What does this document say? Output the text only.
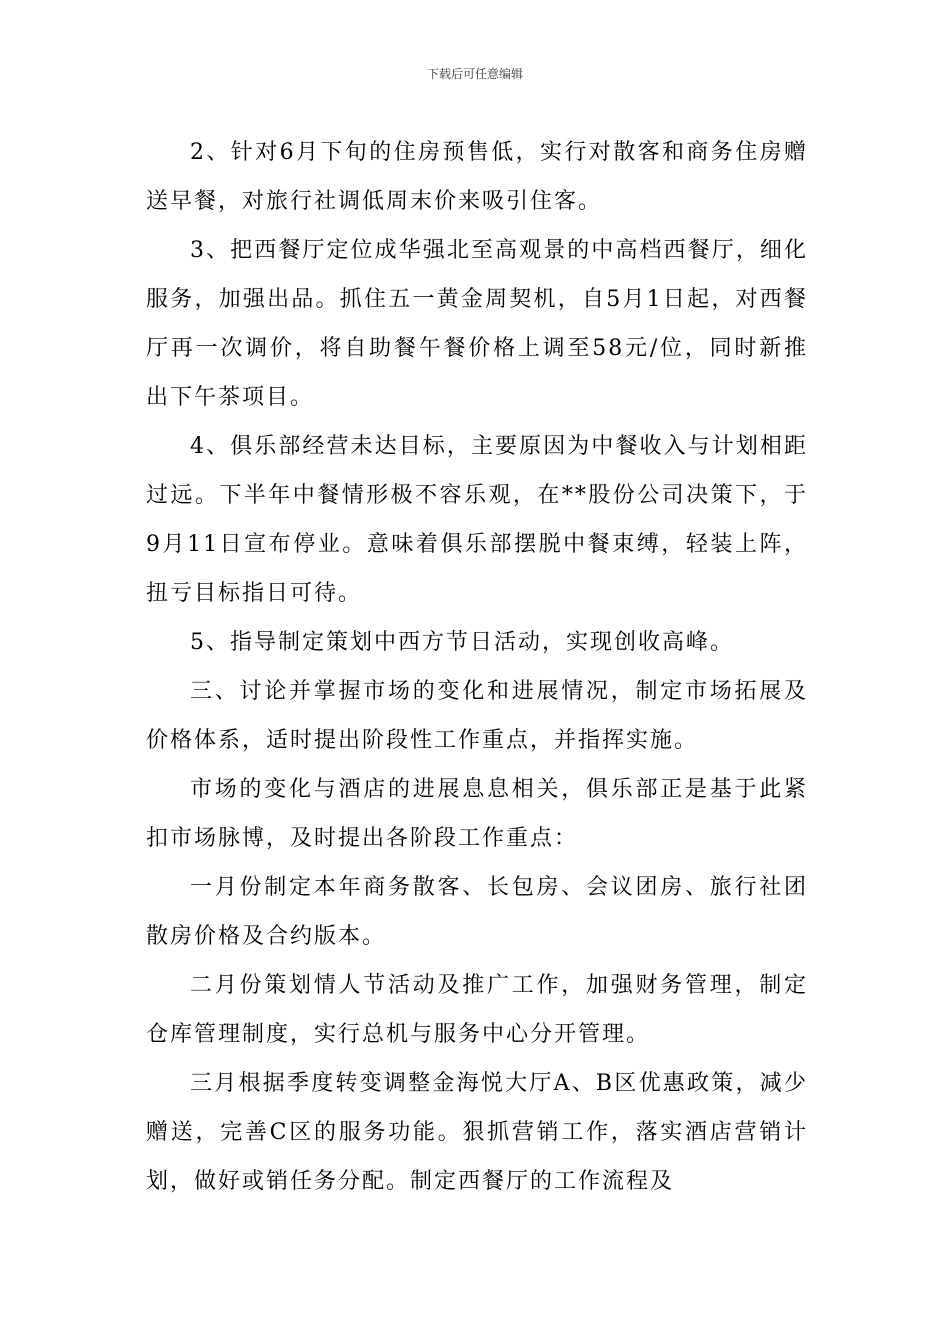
下载后可任意编辑

2、针对6月下旬的住房预售低，实行对散客和商务住房赠送早餐，对旅行社调低周末价来吸引住客。

3、把西餐厅定位成华强北至高观景的中高档西餐厅，细化服务，加强出品。抓住五一黄金周契机，自5月1日起，对西餐厅再一次调价，将自助餐午餐价格上调至58元/位，同时新推出下午茶项目。

4、俱乐部经营未达目标，主要原因为中餐收入与计划相距过远。下半年中餐情形极不容乐观，在**股份公司决策下，于9月11日宣布停业。意味着俱乐部摆脱中餐束缚，轻装上阵，扭亏目标指日可待。

5、指导制定策划中西方节日活动，实现创收高峰。

三、讨论并掌握市场的变化和进展情况，制定市场拓展及价格体系，适时提出阶段性工作重点，并指挥实施。

市场的变化与酒店的进展息息相关，俱乐部正是基于此紧扣市场脉博，及时提出各阶段工作重点：

一月份制定本年商务散客、长包房、会议团房、旅行社团散房价格及合约版本。

二月份策划情人节活动及推广工作，加强财务管理，制定仓库管理制度，实行总机与服务中心分开管理。

三月根据季度转变调整金海悦大厅A、B区优惠政策，减少赠送，完善C区的服务功能。狠抓营销工作，落实酒店营销计划，做好或销任务分配。制定西餐厅的工作流程及
